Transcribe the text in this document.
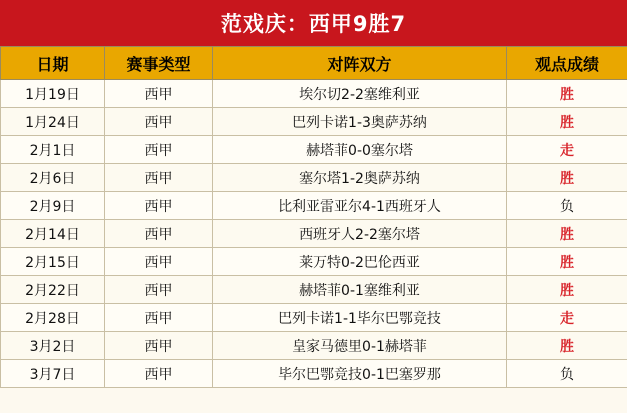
范戏庆：西甲9胜7
日期	赛事类型	对阵双方	观点成绩
1月19日	西甲	埃尔切2-2塞维利亚	胜
1月24日	西甲	巴列卡诺1-3奥萨苏纳	胜
2月1日	西甲	赫塔菲0-0塞尔塔	走
2月6日	西甲	塞尔塔1-2奥萨苏纳	胜
2月9日	西甲	比利亚雷亚尔4-1西班牙人	负
2月14日	西甲	西班牙人2-2塞尔塔	胜
2月15日	西甲	莱万特0-2巴伦西亚	胜
2月22日	西甲	赫塔菲0-1塞维利亚	胜
2月28日	西甲	巴列卡诺1-1毕尔巴鄂竞技	走
3月2日	西甲	皇家马德里0-1赫塔菲	胜
3月7日	西甲	毕尔巴鄂竞技0-1巴塞罗那	负
